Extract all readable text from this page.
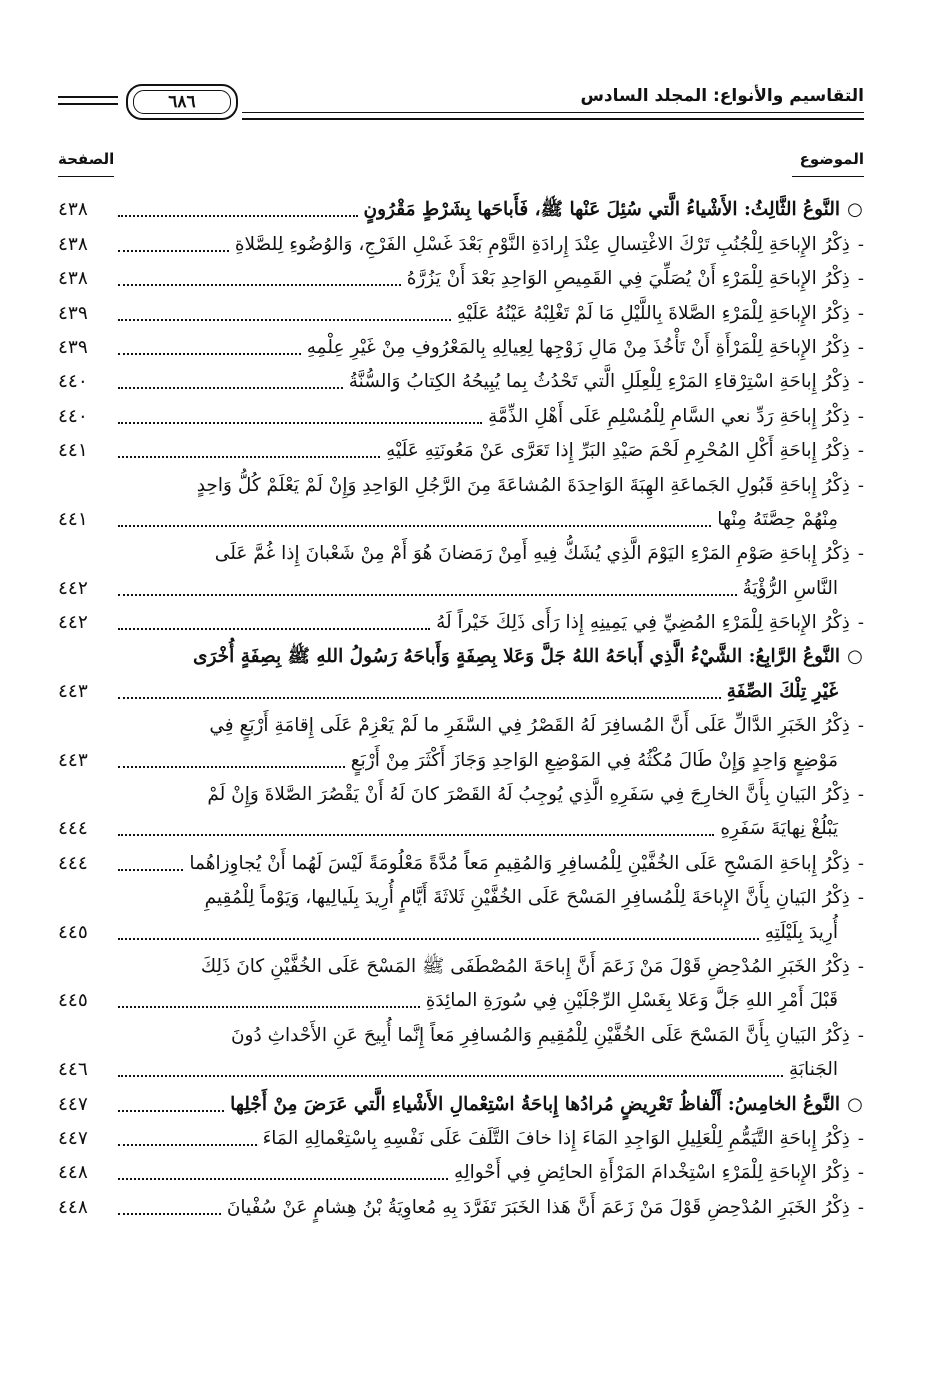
التقاسيم والأنواع: المجلد السادس
٦٨٦
الموضوع
الصفحة
○النَّوعُ الثَّالِثُ: الأَشْياءُ الَّتي سُئِلَ عَنْها ﷺ، فَأَباحَها بِشَرْطٍ مَقْرُونٍ
٤٣٨
-ذِكْرُ الإِباحَةِ لِلْجُنُبِ تَرْكَ الاغْتِسالِ عِنْدَ إِرادَةِ النَّوْمِ بَعْدَ غَسْلِ الفَرْجِ، وَالوُضُوءِ لِلصَّلاةِ
٤٣٨
-ذِكْرُ الإِباحَةِ لِلْمَرْءِ أَنْ يُصَلِّيَ فِي القَمِيصِ الوَاحِدِ بَعْدَ أَنْ يَزُرَّهُ
٤٣٨
-ذِكْرُ الإِباحَةِ لِلْمَرْءِ الصَّلاةَ بِاللَّيْلِ مَا لَمْ تَغْلِبْهُ عَيْنُهُ عَلَيْهِ
٤٣٩
-ذِكْرُ الإِباحَةِ لِلْمَرْأَةِ أَنْ تَأْخُذَ مِنْ مَالِ زَوْجِها لِعِيالِهِ بِالمَعْرُوفِ مِنْ غَيْرِ عِلْمِهِ
٤٣٩
-ذِكْرُ إِباحَةِ اسْتِرْقاءِ المَرْءِ لِلْعِلَلِ الَّتي تَحْدُثُ بِما يُبِيحُهُ الكِتابُ وَالسُّنَّةُ
٤٤٠
-ذِكْرُ إِباحَةِ رَدِّ نعي السَّامِ لِلْمُسْلِمِ عَلَى أَهْلِ الذِّمَّةِ
٤٤٠
-ذِكْرُ إِباحَةِ أَكْلِ المُحْرِمِ لَحْمَ صَيْدِ البَرِّ إِذا تَعَرَّى عَنْ مَعُونَتِهِ عَلَيْهِ
٤٤١
-ذِكْرُ إِباحَةِ قَبُولِ الجَماعَةِ الهِبَةَ الوَاحِدَةَ المُشاعَةَ مِنَ الرَّجُلِ الوَاحِدِ وَإِنْ لَمْ يَعْلَمْ كُلُّ وَاحِدٍ
مِنْهُمْ حِصَّتَهُ مِنْها
٤٤١
-ذِكْرُ إِباحَةِ صَوْمِ المَرْءِ اليَوْمَ الَّذِي يُشَكُّ فِيهِ أَمِنْ رَمَضانَ هُوَ أَمْ مِنْ شَعْبانَ إِذا غُمَّ عَلَى
النَّاسِ الرُّؤْيَةُ
٤٤٢
-ذِكْرُ الإِباحَةِ لِلْمَرْءِ المُضِيِّ فِي يَمِينِهِ إِذا رَأَى ذَلِكَ خَيْراً لَهُ
٤٤٢
○النَّوعُ الرَّابِعُ: الشَّيْءُ الَّذِي أَباحَهُ اللهُ جَلَّ وَعَلا بِصِفَةٍ وَأَباحَهُ رَسُولُ اللهِ ﷺ بِصِفَةٍ أُخْرَى
غَيْرِ تِلْكَ الصِّفَةِ
٤٤٣
-ذِكْرُ الخَبَرِ الدَّالِّ عَلَى أَنَّ المُسافِرَ لَهُ القَصْرُ فِي السَّفَرِ ما لَمْ يَعْزِمْ عَلَى إِقامَةِ أَرْبَعٍ فِي
مَوْضِعٍ وَاحِدٍ وَإِنْ طَالَ مُكْثُهُ فِي المَوْضِعِ الوَاحِدِ وَجَازَ أَكْثَرَ مِنْ أَرْبَعٍ
٤٤٣
-ذِكْرُ البَيانِ بِأَنَّ الخارِجَ فِي سَفَرِهِ الَّذِي يُوجِبُ لَهُ القَصْرَ كانَ لَهُ أَنْ يَقْصُرَ الصَّلاةَ وَإِنْ لَمْ
يَبْلُغْ نِهايَةَ سَفَرِهِ
٤٤٤
-ذِكْرُ إِباحَةِ المَسْحِ عَلَى الخُفَّيْنِ لِلْمُسافِرِ وَالمُقِيمِ مَعاً مُدَّةً مَعْلُومَةً لَيْسَ لَهُما أَنْ يُجاوِزاهُما
٤٤٤
-ذِكْرُ البَيانِ بِأَنَّ الإِباحَةَ لِلْمُسافِرِ المَسْحَ عَلَى الخُفَّيْنِ ثَلاثَةَ أَيَّامٍ أُرِيدَ بِلَيالِيها، وَيَوْماً لِلْمُقِيمِ
أُرِيدَ بِلَيْلَتِهِ
٤٤٥
-ذِكْرُ الخَبَرِ المُدْحِضِ قَوْلَ مَنْ زَعَمَ أَنَّ إِباحَةَ المُصْطَفَى ﷺ المَسْحَ عَلَى الخُفَّيْنِ كانَ ذَلِكَ
قَبْلَ أَمْرِ اللهِ جَلَّ وَعَلا بِغَسْلِ الرِّجْلَيْنِ فِي سُورَةِ المائِدَةِ
٤٤٥
-ذِكْرُ البَيانِ بِأَنَّ المَسْحَ عَلَى الخُفَّيْنِ لِلْمُقِيمِ وَالمُسافِرِ مَعاً إِنَّما أُبِيحَ عَنِ الأَحْداثِ دُونَ
الجَنابَةِ
٤٤٦
○النَّوعُ الخامِسُ: أَلْفاظُ تَعْرِيضٍ مُرادُها إِباحَةُ اسْتِعْمالِ الأَشْياءِ الَّتي عَرَضَ مِنْ أَجْلِها
٤٤٧
-ذِكْرُ إِباحَةِ التَّيَمُّمِ لِلْعَلِيلِ الوَاجِدِ المَاءَ إِذا خافَ التَّلَفَ عَلَى نَفْسِهِ بِاسْتِعْمالِهِ المَاءَ
٤٤٧
-ذِكْرُ الإِباحَةِ لِلْمَرْءِ اسْتِخْدامَ المَرْأَةِ الحائِضِ فِي أَحْوالِهِ
٤٤٨
-ذِكْرُ الخَبَرِ المُدْحِضِ قَوْلَ مَنْ زَعَمَ أَنَّ هَذا الخَبَرَ تَفَرَّدَ بِهِ مُعاوِيَةُ بْنُ هِشامٍ عَنْ سُفْيانَ
٤٤٨
